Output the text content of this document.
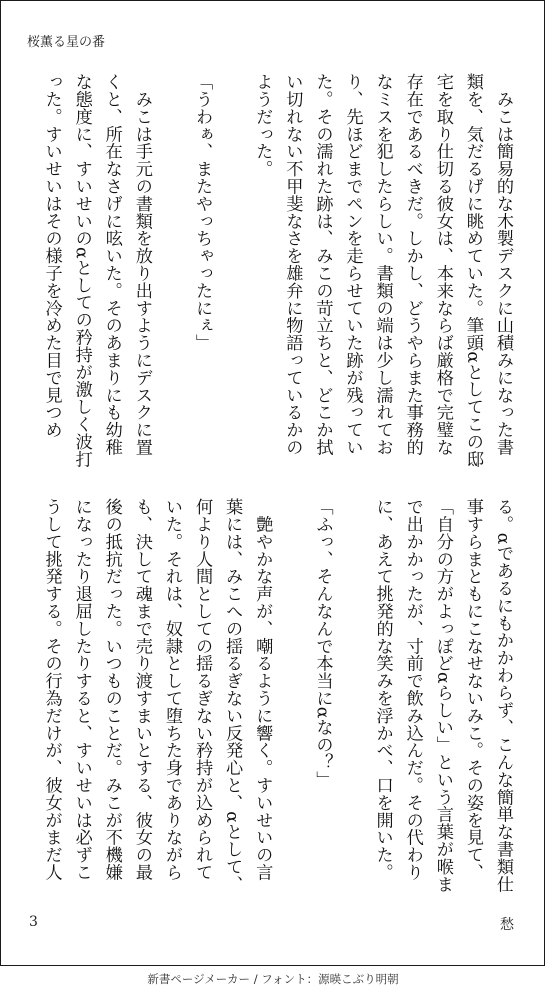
桜薫る星の番

　みこは簡易的な木製デスクに山積みになった書類を、気だるげに眺めていた。筆頭αとしてこの邸宅を取り仕切る彼女は、本来ならば厳格で完璧な存在であるべきだ。しかし、どうやらまた事務的なミスを犯したらしい。書類の端は少し濡れており、先ほどまでペンを走らせていた跡が残っていた。その濡れた跡は、みこの苛立ちと、どこか拭い切れない不甲斐なさを雄弁に物語っているかのようだった。

「うわぁ、またやっちゃったにぇ」

　みこは手元の書類を放り出すようにデスクに置くと、所在なさげに呟いた。そのあまりにも幼稚な態度に、すいせいのαとしての矜持が激しく波打った。すいせいはその様子を冷めた目で見つめ

る。αであるにもかかわらず、こんな簡単な書類仕事すらまともにこなせないみこ。その姿を見て、「自分の方がよっぽどαらしい」という言葉が喉まで出かかったが、寸前で飲み込んだ。その代わりに、あえて挑発的な笑みを浮かべ、口を開いた。

「ふっ、そんなんで本当にαなの？」

　艶やかな声が、嘲るように響く。すいせいの言葉には、みこへの揺るぎない反発心と、αとして、何より人間としての揺るぎない矜持が込められていた。それは、奴隷として堕ちた身でありながらも、決して魂まで売り渡すまいとする、彼女の最後の抵抗だった。いつものことだ。みこが不機嫌になったり退屈したりすると、すいせいは必ずこうして挑発する。その行為だけが、彼女がまだ人

3	愁
新書ページメーカー / フォント：源暎こぶり明朝
